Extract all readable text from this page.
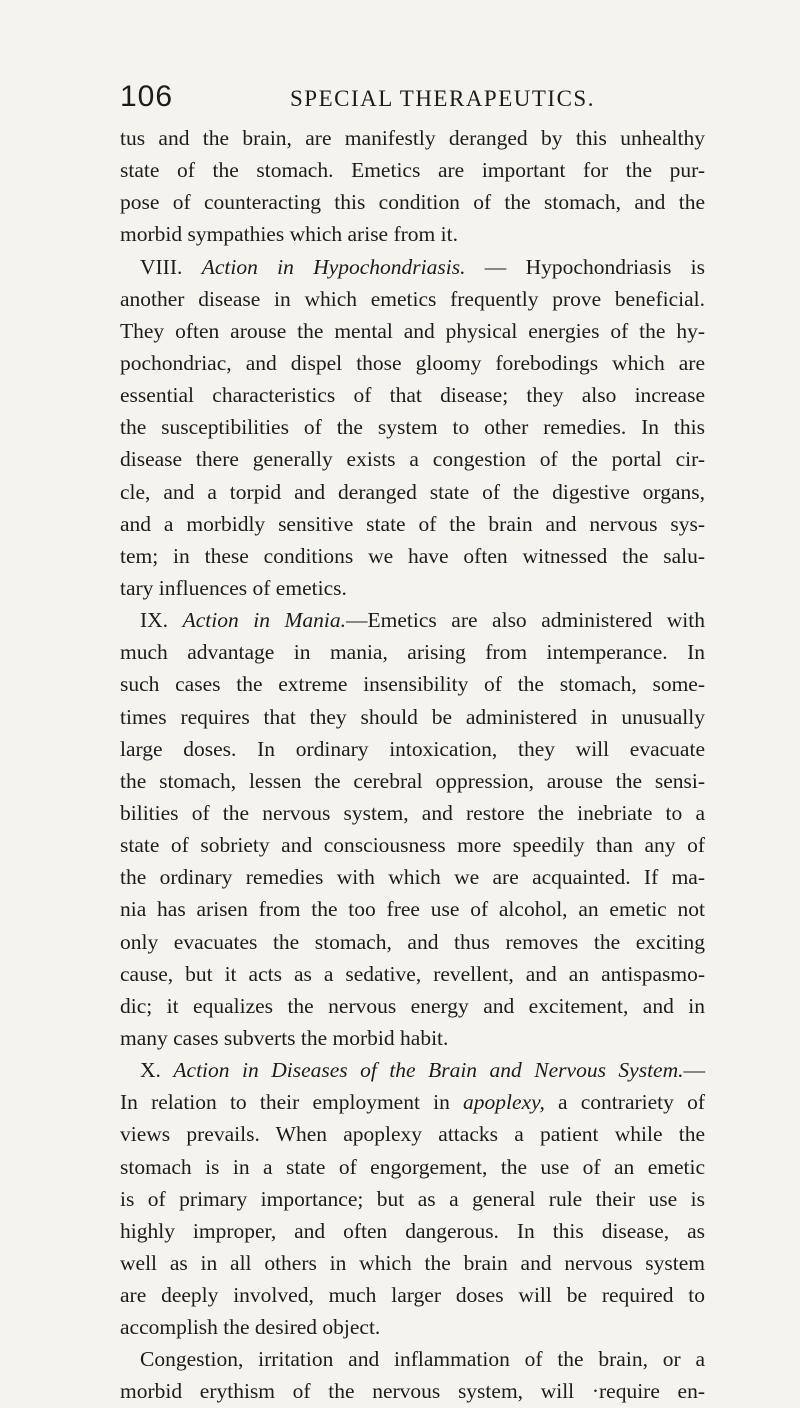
106	SPECIAL THERAPEUTICS.
tus and the brain, are manifestly deranged by this unhealthy
state of the stomach. Emetics are important for the pur-
pose of counteracting this condition of the stomach, and the
morbid sympathies which arise from it.
VIII. Action in Hypochondriasis. — Hypochondriasis is
another disease in which emetics frequently prove beneficial.
They often arouse the mental and physical energies of the hy-
pochondriac, and dispel those gloomy forebodings which are
essential characteristics of that disease; they also increase
the susceptibilities of the system to other remedies. In this
disease there generally exists a congestion of the portal cir-
cle, and a torpid and deranged state of the digestive organs,
and a morbidly sensitive state of the brain and nervous sys-
tem; in these conditions we have often witnessed the salu-
tary influences of emetics.
IX. Action in Mania.—Emetics are also administered with
much advantage in mania, arising from intemperance. In
such cases the extreme insensibility of the stomach, some-
times requires that they should be administered in unusually
large doses. In ordinary intoxication, they will evacuate
the stomach, lessen the cerebral oppression, arouse the sensi-
bilities of the nervous system, and restore the inebriate to a
state of sobriety and consciousness more speedily than any of
the ordinary remedies with which we are acquainted. If ma-
nia has arisen from the too free use of alcohol, an emetic not
only evacuates the stomach, and thus removes the exciting
cause, but it acts as a sedative, revellent, and an antispasmo-
dic; it equalizes the nervous energy and excitement, and in
many cases subverts the morbid habit.
X. Action in Diseases of the Brain and Nervous System.—
In relation to their employment in apoplexy, a contrariety of
views prevails. When apoplexy attacks a patient while the
stomach is in a state of engorgement, the use of an emetic
is of primary importance; but as a general rule their use is
highly improper, and often dangerous. In this disease, as
well as in all others in which the brain and nervous system
are deeply involved, much larger doses will be required to
accomplish the desired object.
Congestion, irritation and inflammation of the brain, or a
morbid erythism of the nervous system, will ·require en-
